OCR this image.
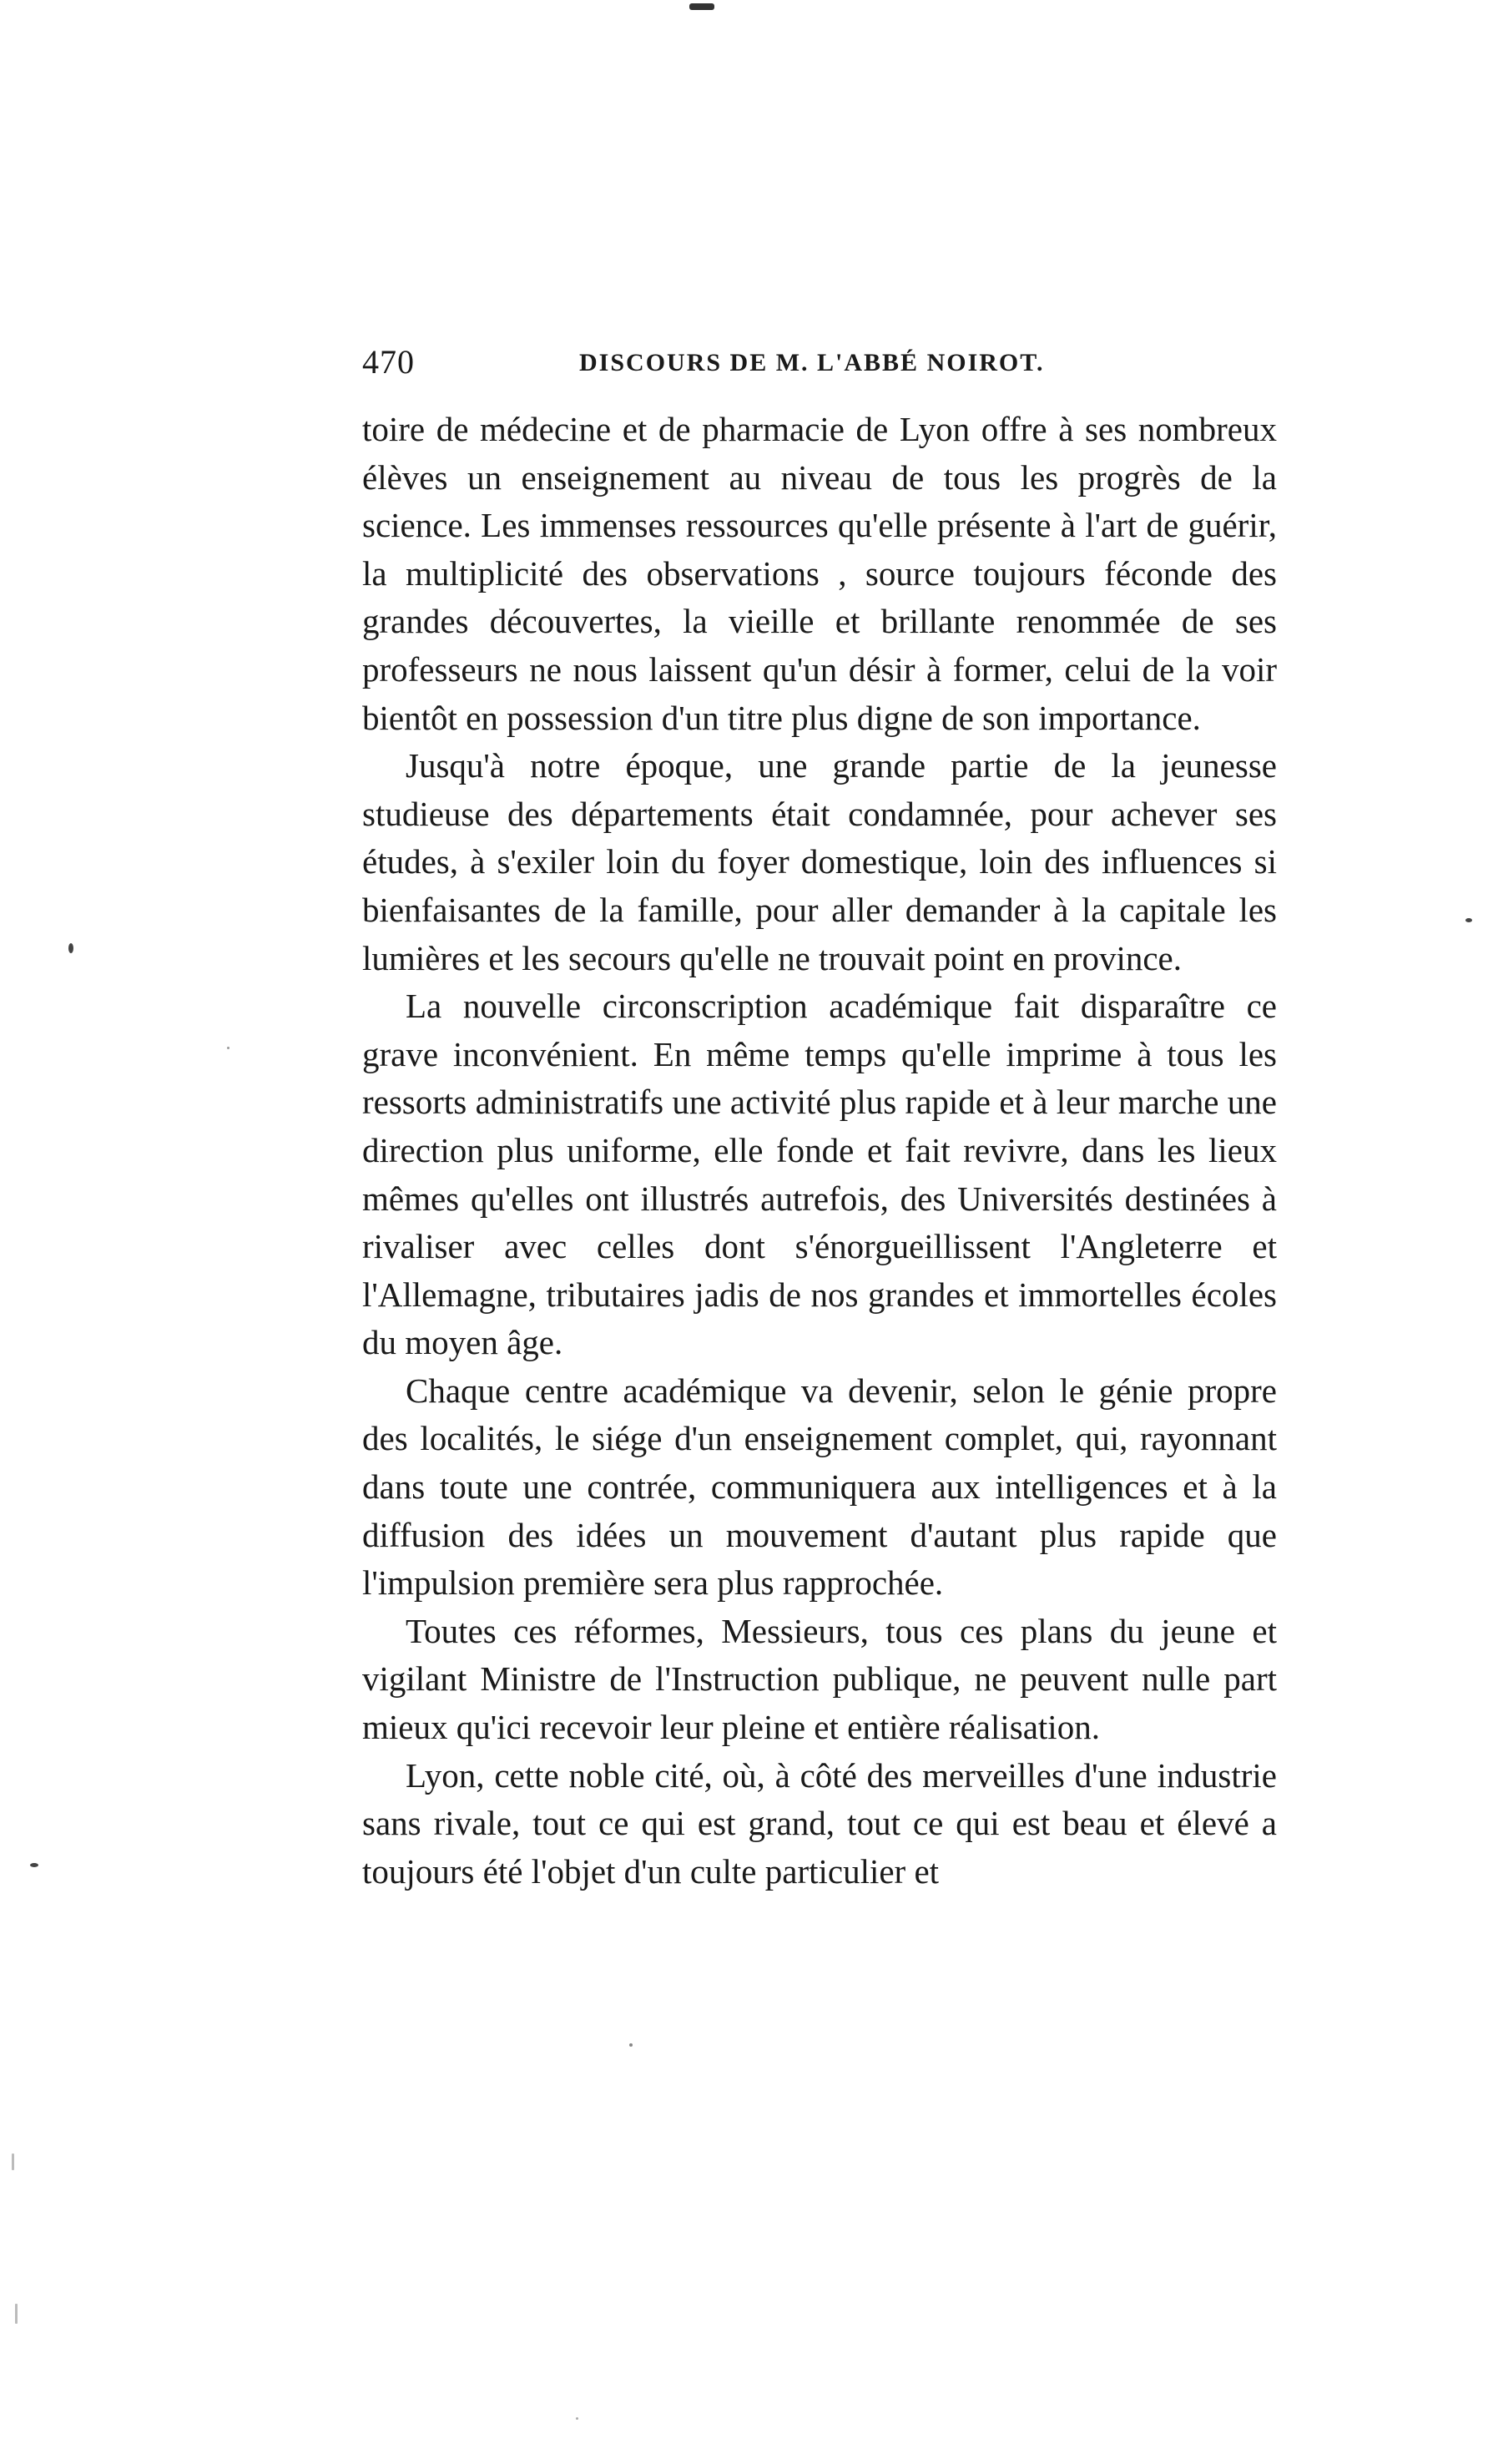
470	DISCOURS DE M. L'ABBÉ NOIROT.

toire de médecine et de pharmacie de Lyon offre à ses nombreux élèves un enseignement au niveau de tous les progrès de la science. Les immenses ressources qu'elle présente à l'art de guérir, la multiplicité des observations , source toujours féconde des grandes découvertes, la vieille et brillante renommée de ses professeurs ne nous laissent qu'un désir à former, celui de la voir bientôt en possession d'un titre plus digne de son importance.

Jusqu'à notre époque, une grande partie de la jeunesse studieuse des départements était condamnée, pour achever ses études, à s'exiler loin du foyer domestique, loin des influences si bienfaisantes de la famille, pour aller demander à la capitale les lumières et les secours qu'elle ne trouvait point en province.

La nouvelle circonscription académique fait disparaître ce grave inconvénient. En même temps qu'elle imprime à tous les ressorts administratifs une activité plus rapide et à leur marche une direction plus uniforme, elle fonde et fait revivre, dans les lieux mêmes qu'elles ont illustrés autrefois, des Universités destinées à rivaliser avec celles dont s'énorgueillissent l'Angleterre et l'Allemagne, tributaires jadis de nos grandes et immortelles écoles du moyen âge.

Chaque centre académique va devenir, selon le génie propre des localités, le siége d'un enseignement complet, qui, rayonnant dans toute une contrée, communiquera aux intelligences et à la diffusion des idées un mouvement d'autant plus rapide que l'impulsion première sera plus rapprochée.

Toutes ces réformes, Messieurs, tous ces plans du jeune et vigilant Ministre de l'Instruction publique, ne peuvent nulle part mieux qu'ici recevoir leur pleine et entière réalisation.

Lyon, cette noble cité, où, à côté des merveilles d'une industrie sans rivale, tout ce qui est grand, tout ce qui est beau et élevé a toujours été l'objet d'un culte particulier et
